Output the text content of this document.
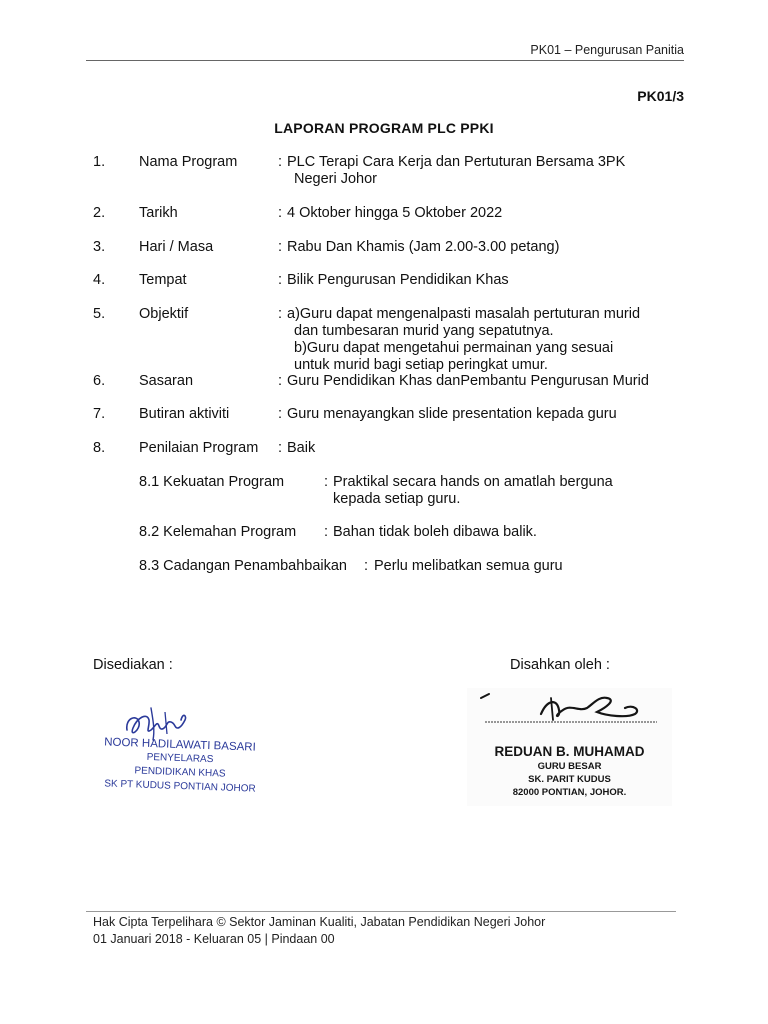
PK01 – Pengurusan Panitia
PK01/3
LAPORAN PROGRAM PLC PPKI
1. Nama Program	: PLC Terapi Cara Kerja dan Pertuturan Bersama 3PK
Negeri Johor
2. Tarikh	: 4 Oktober hingga 5 Oktober 2022
3. Hari / Masa	: Rabu Dan Khamis (Jam 2.00-3.00 petang)
4. Tempat	: Bilik Pengurusan Pendidikan Khas
5. Objektif	: a)Guru dapat mengenalpasti masalah pertuturan murid
dan tumbesaran murid yang sepatutnya.
b)Guru dapat mengetahui permainan yang sesuai
untuk murid bagi setiap peringkat umur.
6. Sasaran	: Guru Pendidikan Khas danPembantu Pengurusan Murid
7. Butiran aktiviti	: Guru menayangkan slide presentation kepada guru
8. Penilaian Program : Baik
8.1 Kekuatan Program	: Praktikal secara hands on amatlah berguna
kepada setiap guru.
8.2 Kelemahan Program : Bahan tidak boleh dibawa balik.
8.3 Cadangan Penambahbaikan : Perlu melibatkan semua guru
Disediakan :	Disahkan oleh :
NOOR HADILAWATI BASARI
PENYELARAS
PENDIDIKAN KHAS
SK PT KUDUS PONTIAN JOHOR
REDUAN B. MUHAMAD
GURU BESAR
SK. PARIT KUDUS
82000 PONTIAN, JOHOR.
Hak Cipta Terpelihara © Sektor Jaminan Kualiti, Jabatan Pendidikan Negeri Johor
01 Januari 2018 - Keluaran 05 | Pindaan 00
